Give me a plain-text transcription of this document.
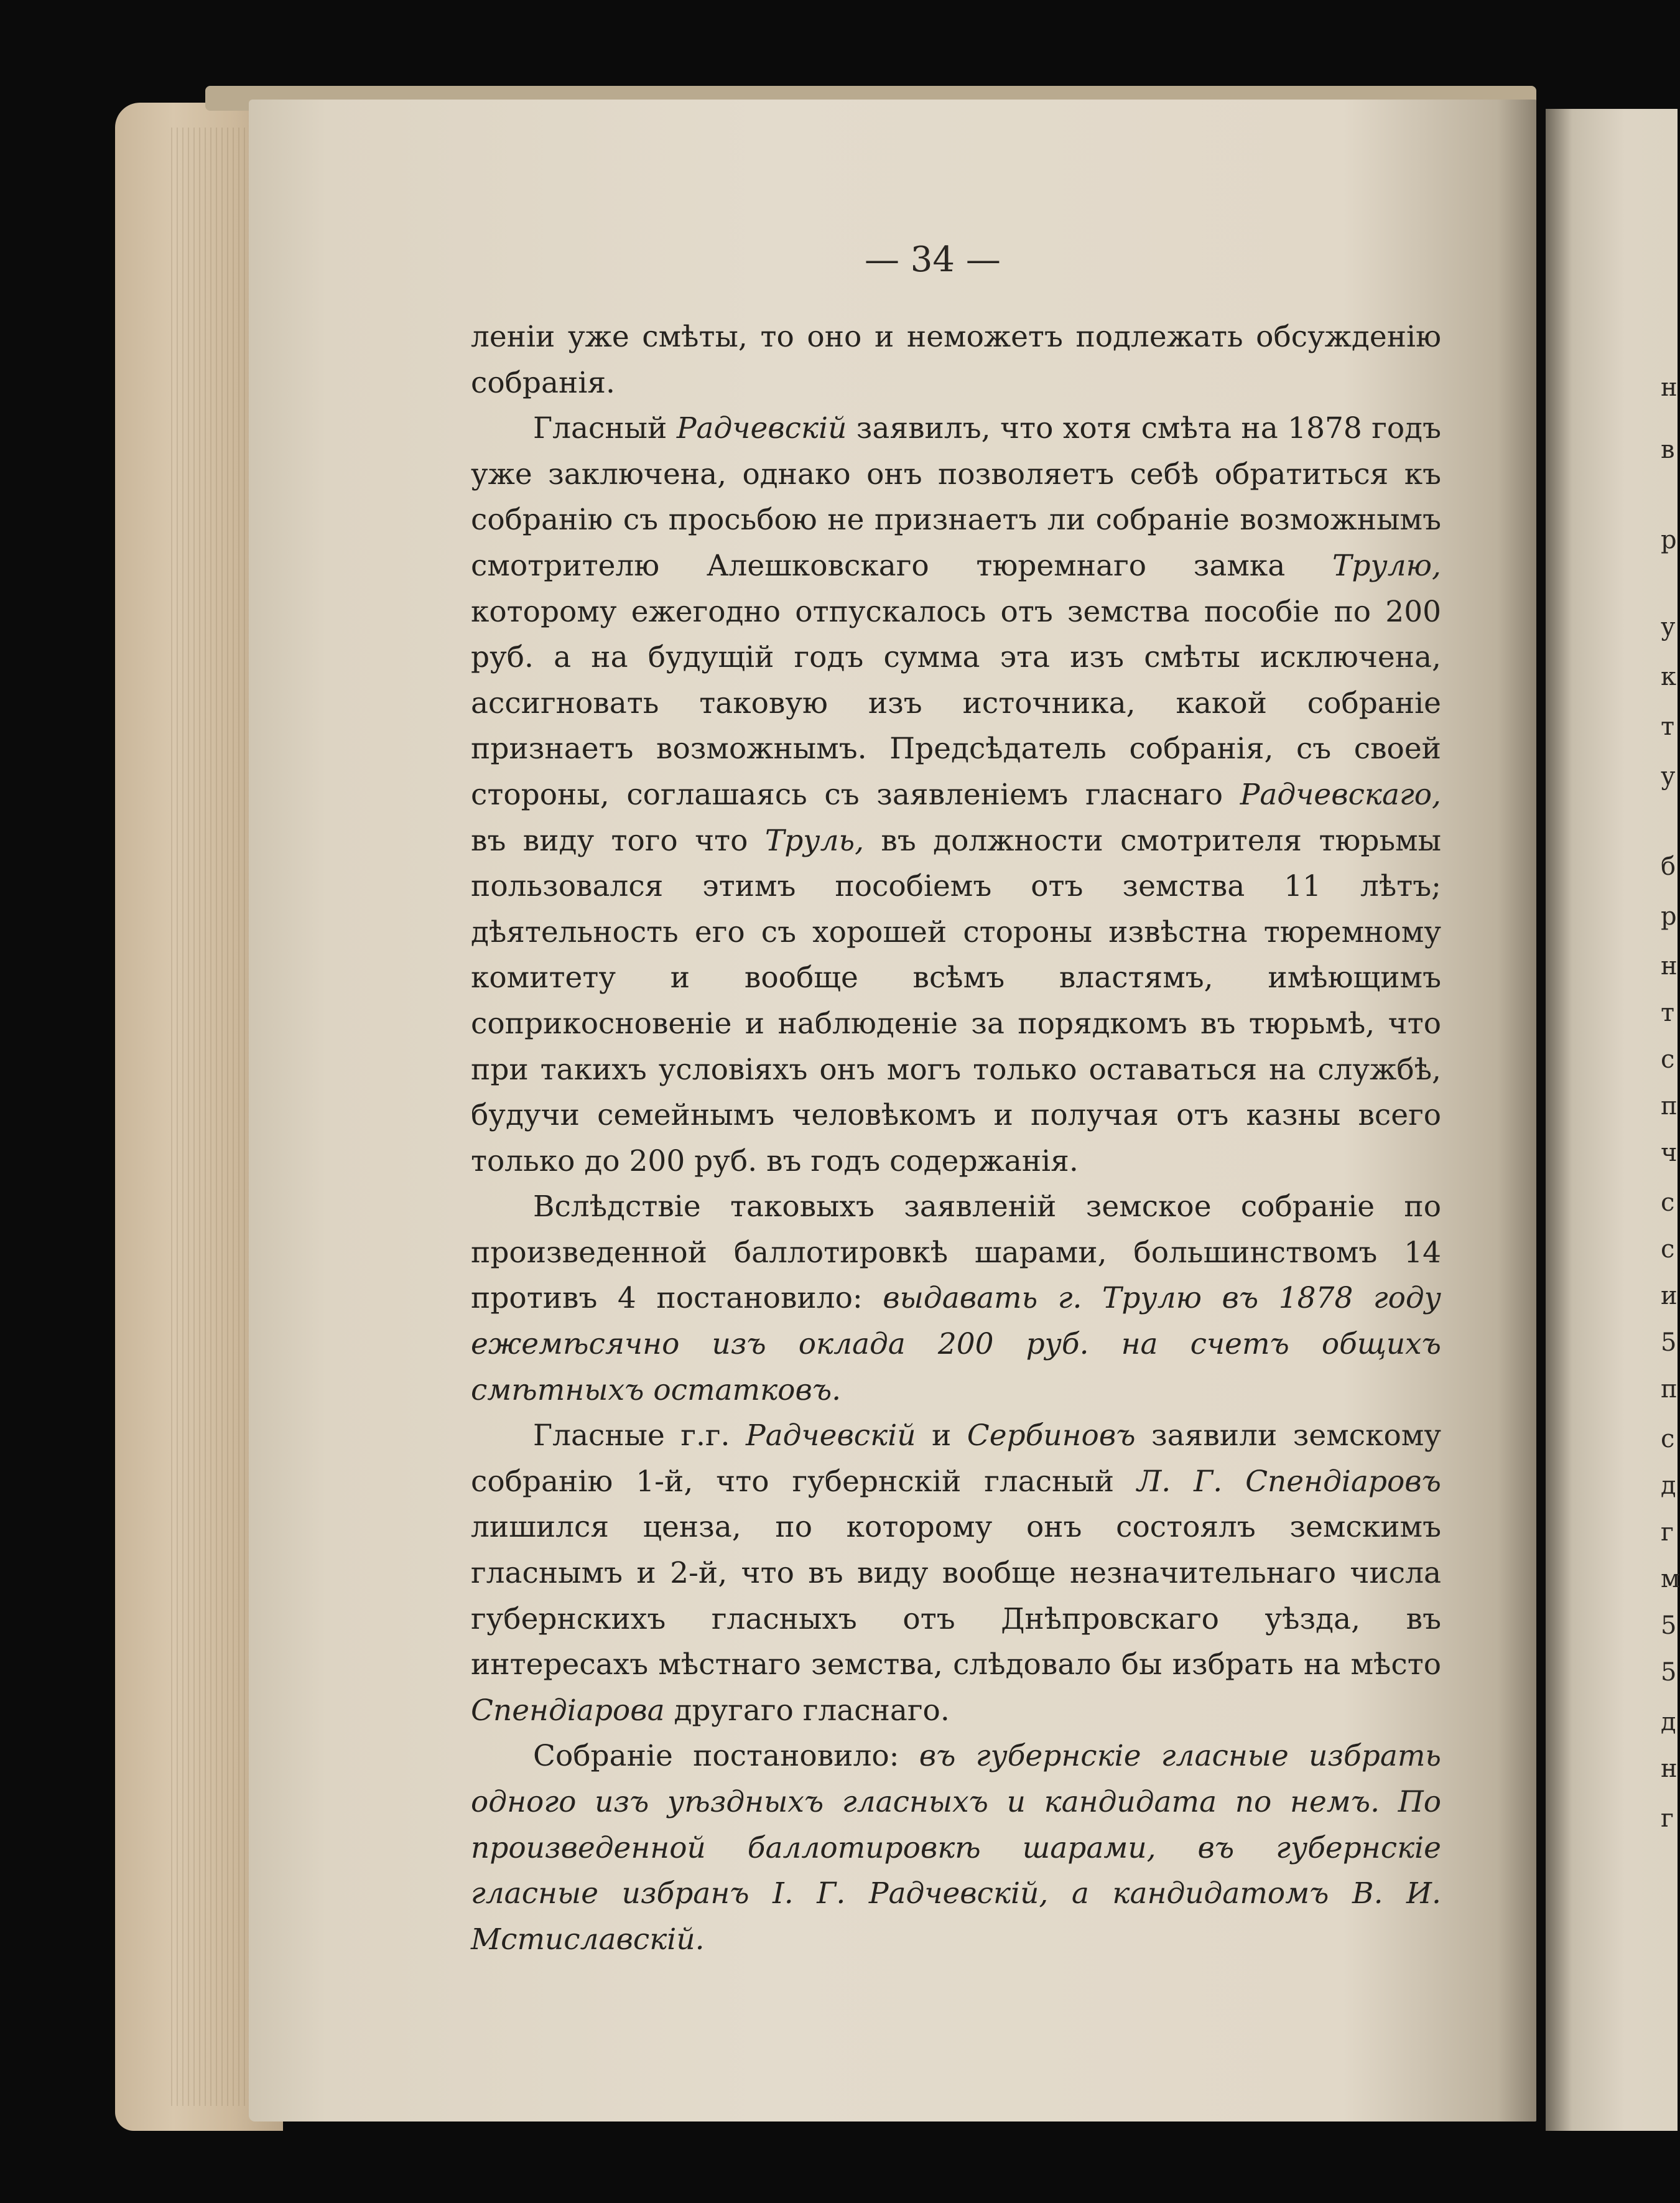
н
в
р
у
к
т
у
б
р
н
т
с
п
ч
с
с
и
5
п
с
д
г
м
5
5
д
н
г
— 34 —

леніи уже смѣты, то оно и неможетъ подлежать обсужденію собранія.

Гласный Радчевскій заявилъ, что хотя смѣта на 1878 годъ уже заключена, однако онъ позволяетъ себѣ обратиться къ собранію съ просьбою не признаетъ ли собраніе возможнымъ смотрителю Алешковскаго тюремнаго замка Трулю, которому ежегодно отпускалось отъ земства пособіе по 200 руб. а на будущій годъ сумма эта изъ смѣты исключена, ассигновать таковую изъ источника, какой собраніе признаетъ возможнымъ. Предсѣдатель собранія, съ своей стороны, соглашаясь съ заявленіемъ гласнаго Радчевскаго, въ виду того что Труль, въ должности смотрителя тюрьмы пользовался этимъ пособіемъ отъ земства 11 лѣтъ; дѣятельность его съ хорошей стороны извѣстна тюремному комитету и вообще всѣмъ властямъ, имѣющимъ соприкосновеніе и наблюденіе за порядкомъ въ тюрьмѣ, что при такихъ условіяхъ онъ могъ только оставаться на службѣ, будучи семейнымъ человѣкомъ и получая отъ казны всего только до 200 руб. въ годъ содержанія.

Вслѣдствіе таковыхъ заявленій земское собраніе по произведенной баллотировкѣ шарами, большинствомъ 14 противъ 4 постановило: выдавать г. Трулю въ 1878 году ежемѣсячно изъ оклада 200 руб. на счетъ общихъ смѣтныхъ остатковъ.

Гласные г.г. Радчевскій и Сербиновъ заявили земскому собранію 1-й, что губернскій гласный Л. Г. Спендіаровъ лишился ценза, по которому онъ состоялъ земскимъ гласнымъ и 2-й, что въ виду вообще незначительнаго числа губернскихъ гласныхъ отъ Днѣпровскаго уѣзда, въ интересахъ мѣстнаго земства, слѣдовало бы избрать на мѣсто Спендіарова другаго гласнаго.

Собраніе постановило: въ губернскіе гласные избрать одного изъ уѣздныхъ гласныхъ и кандидата по немъ. По произведенной баллотировкѣ шарами, въ губернскіе гласные избранъ І. Г. Радчевскій, а кандидатомъ В. И. Мстиславскій.
